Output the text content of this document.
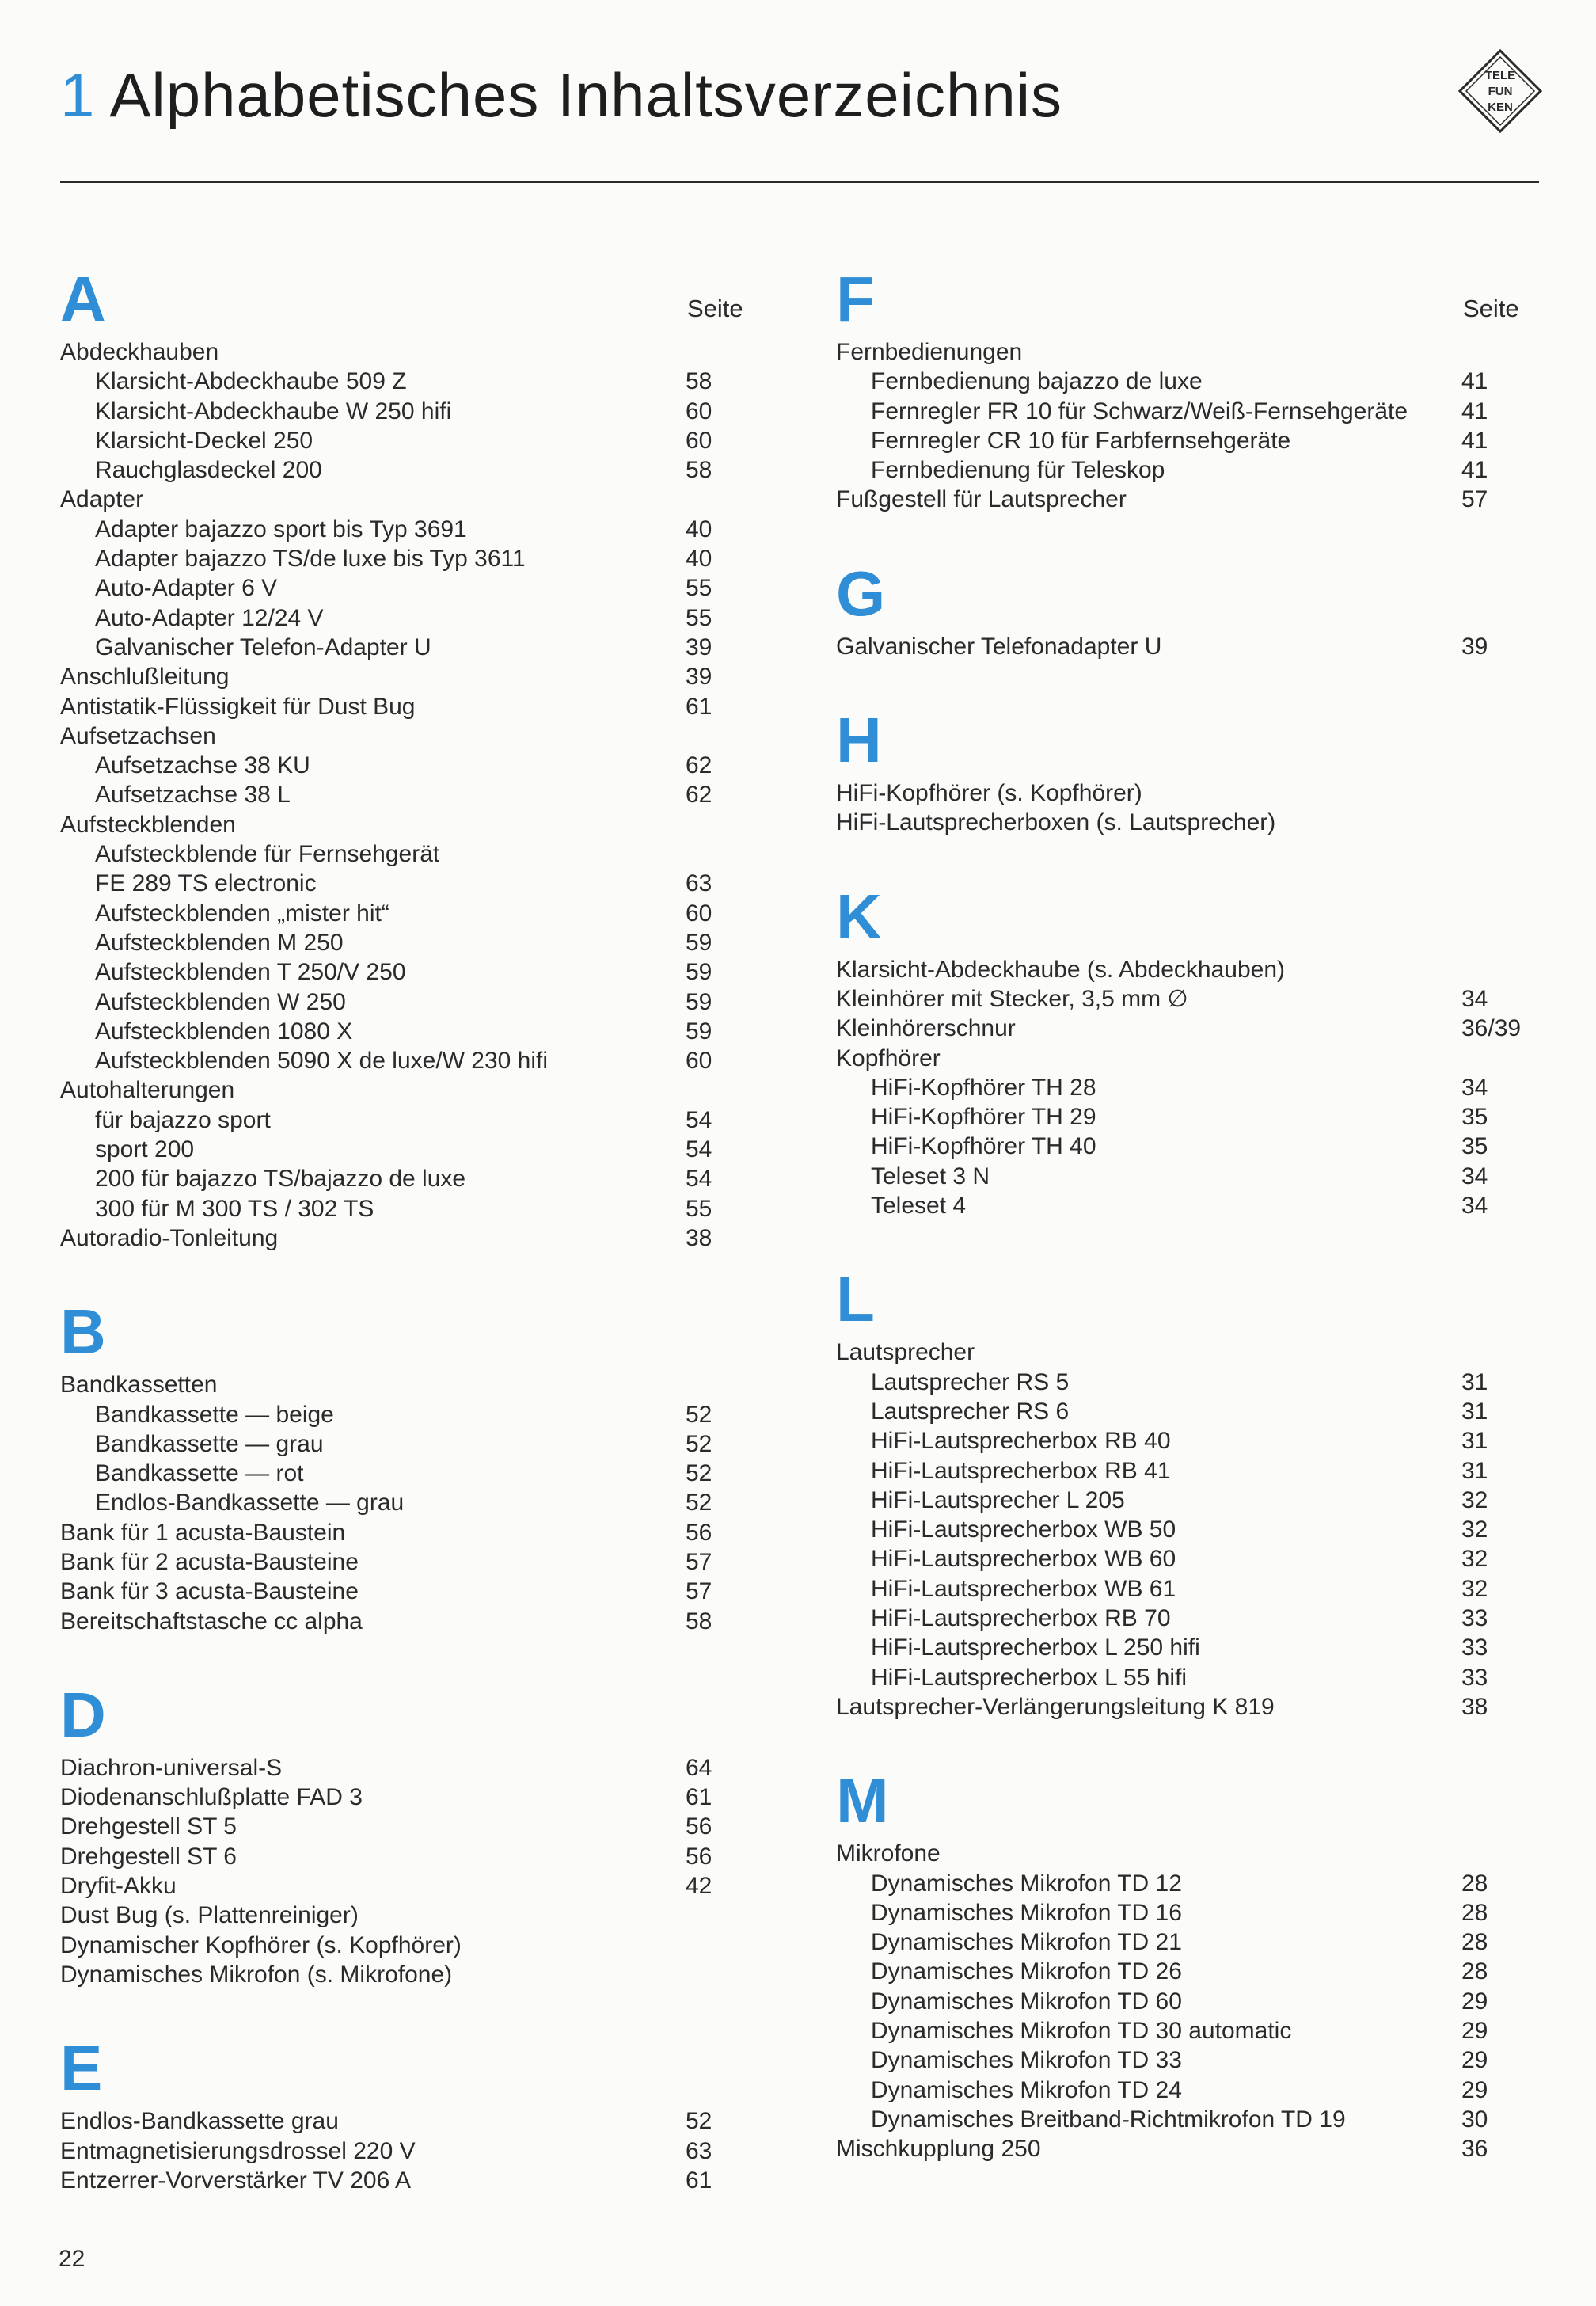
1 Alphabetisches Inhaltsverzeichnis	TELE
FUN
KEN
A	Seite
Abdeckhauben
Klarsicht-Abdeckhaube 509 Z	58
Klarsicht-Abdeckhaube W 250 hifi	60
Klarsicht-Deckel 250	60
Rauchglasdeckel 200	58
Adapter
Adapter bajazzo sport bis Typ 3691	40
Adapter bajazzo TS/de luxe bis Typ 3611	40
Auto-Adapter 6 V	55
Auto-Adapter 12/24 V	55
Galvanischer Telefon-Adapter U	39
Anschlußleitung	39
Antistatik-Flüssigkeit für Dust Bug	61
Aufsetzachsen
Aufsetzachse 38 KU	62
Aufsetzachse 38 L	62
Aufsteckblenden
Aufsteckblende für Fernsehgerät
FE 289 TS electronic	63
Aufsteckblenden „mister hit“	60
Aufsteckblenden M 250	59
Aufsteckblenden T 250/V 250	59
Aufsteckblenden W 250	59
Aufsteckblenden 1080 X	59
Aufsteckblenden 5090 X de luxe/W 230 hifi	60
Autohalterungen
für bajazzo sport	54
sport 200	54
200 für bajazzo TS/bajazzo de luxe	54
300 für M 300 TS / 302 TS	55
Autoradio-Tonleitung	38
B
Bandkassetten
Bandkassette — beige	52
Bandkassette — grau	52
Bandkassette — rot	52
Endlos-Bandkassette — grau	52
Bank für 1 acusta-Baustein	56
Bank für 2 acusta-Bausteine	57
Bank für 3 acusta-Bausteine	57
Bereitschaftstasche cc alpha	58
D
Diachron-universal-S	64
Diodenanschlußplatte FAD 3	61
Drehgestell ST 5	56
Drehgestell ST 6	56
Dryfit-Akku	42
Dust Bug (s. Plattenreiniger)
Dynamischer Kopfhörer (s. Kopfhörer)
Dynamisches Mikrofon (s. Mikrofone)
E
Endlos-Bandkassette grau	52
Entmagnetisierungsdrossel 220 V	63
Entzerrer-Vorverstärker TV 206 A	61
F	Seite
Fernbedienungen
Fernbedienung bajazzo de luxe	41
Fernregler FR 10 für Schwarz/Weiß-Fernsehgeräte 41
Fernregler CR 10 für Farbfernsehgeräte	41
Fernbedienung für Teleskop	41
Fußgestell für Lautsprecher	57
G
Galvanischer Telefonadapter U	39
H
HiFi-Kopfhörer (s. Kopfhörer)
HiFi-Lautsprecherboxen (s. Lautsprecher)
K
Klarsicht-Abdeckhaube (s. Abdeckhauben)
Kleinhörer mit Stecker, 3,5 mm ∅	34
Kleinhörerschnur	36/39
Kopfhörer
HiFi-Kopfhörer TH 28	34
HiFi-Kopfhörer TH 29	35
HiFi-Kopfhörer TH 40	35
Teleset 3 N	34
Teleset 4	34
L
Lautsprecher
Lautsprecher RS 5	31
Lautsprecher RS 6	31
HiFi-Lautsprecherbox RB 40	31
HiFi-Lautsprecherbox RB 41	31
HiFi-Lautsprecher L 205	32
HiFi-Lautsprecherbox WB 50	32
HiFi-Lautsprecherbox WB 60	32
HiFi-Lautsprecherbox WB 61	32
HiFi-Lautsprecherbox RB 70	33
HiFi-Lautsprecherbox L 250 hifi	33
HiFi-Lautsprecherbox L 55 hifi	33
Lautsprecher-Verlängerungsleitung K 819	38
M
Mikrofone
Dynamisches Mikrofon TD 12	28
Dynamisches Mikrofon TD 16	28
Dynamisches Mikrofon TD 21	28
Dynamisches Mikrofon TD 26	28
Dynamisches Mikrofon TD 60	29
Dynamisches Mikrofon TD 30 automatic	29
Dynamisches Mikrofon TD 33	29
Dynamisches Mikrofon TD 24	29
Dynamisches Breitband-Richtmikrofon TD 19	30
Mischkupplung 250	36
22
